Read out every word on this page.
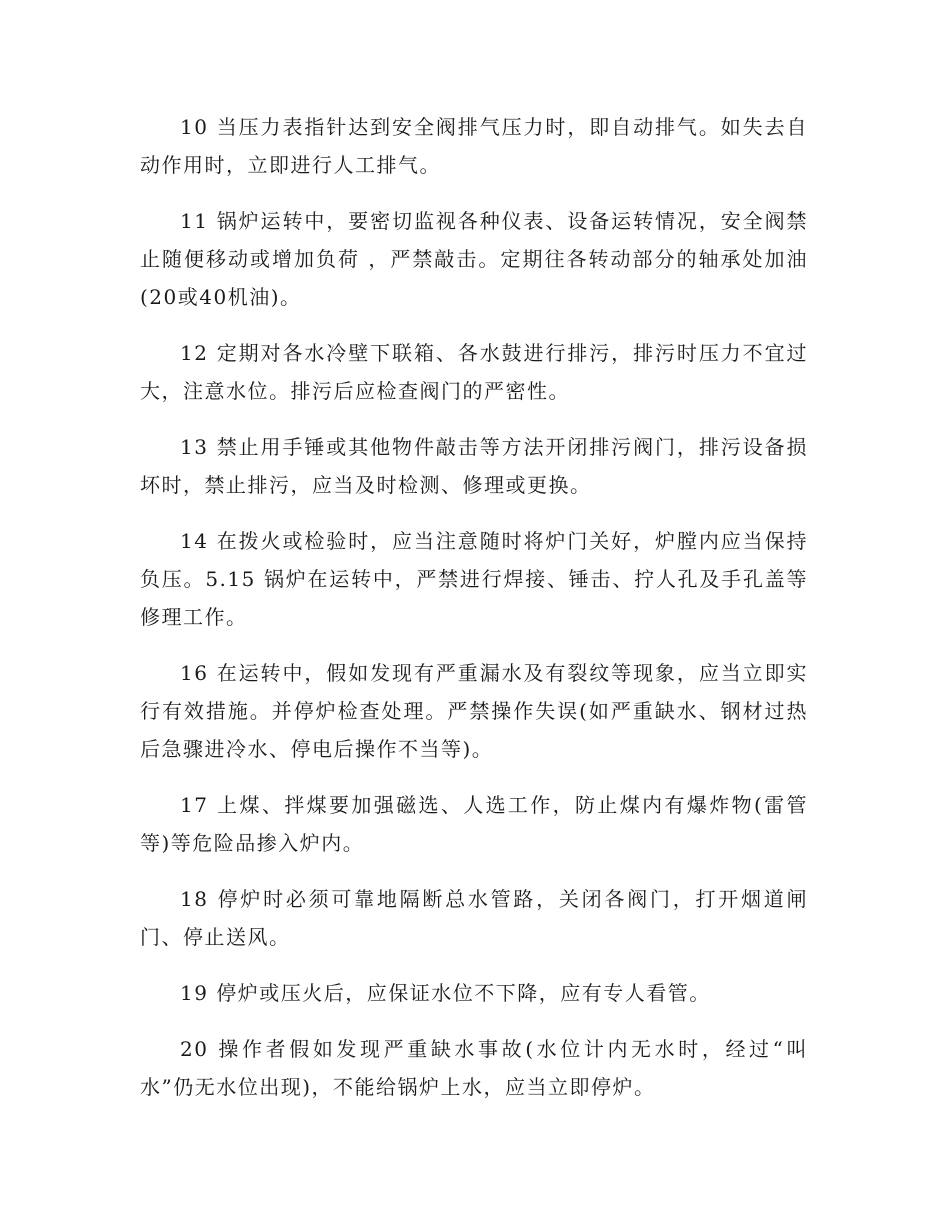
10 当压力表指针达到安全阀排气压力时，即自动排气。如失去自动作用时，立即进行人工排气。

11 锅炉运转中，要密切监视各种仪表、设备运转情况，安全阀禁止随便移动或增加负荷 ，严禁敲击。定期往各转动部分的轴承处加油(20或40机油)。

12 定期对各水冷壁下联箱、各水鼓进行排污，排污时压力不宜过大，注意水位。排污后应检查阀门的严密性。

13 禁止用手锤或其他物件敲击等方法开闭排污阀门，排污设备损坏时，禁止排污，应当及时检测、修理或更换。

14 在拨火或检验时，应当注意随时将炉门关好，炉膛内应当保持负压。5.15 锅炉在运转中，严禁进行焊接、锤击、拧人孔及手孔盖等修理工作。

16 在运转中，假如发现有严重漏水及有裂纹等现象，应当立即实行有效措施。并停炉检查处理。严禁操作失误(如严重缺水、钢材过热后急骤进冷水、停电后操作不当等)。

17 上煤、拌煤要加强磁选、人选工作，防止煤内有爆炸物(雷管等)等危险品掺入炉内。

18 停炉时必须可靠地隔断总水管路，关闭各阀门，打开烟道闸门、停止送风。

19 停炉或压火后，应保证水位不下降，应有专人看管。

20 操作者假如发现严重缺水事故(水位计内无水时，经过“叫水”仍无水位出现)，不能给锅炉上水，应当立即停炉。
